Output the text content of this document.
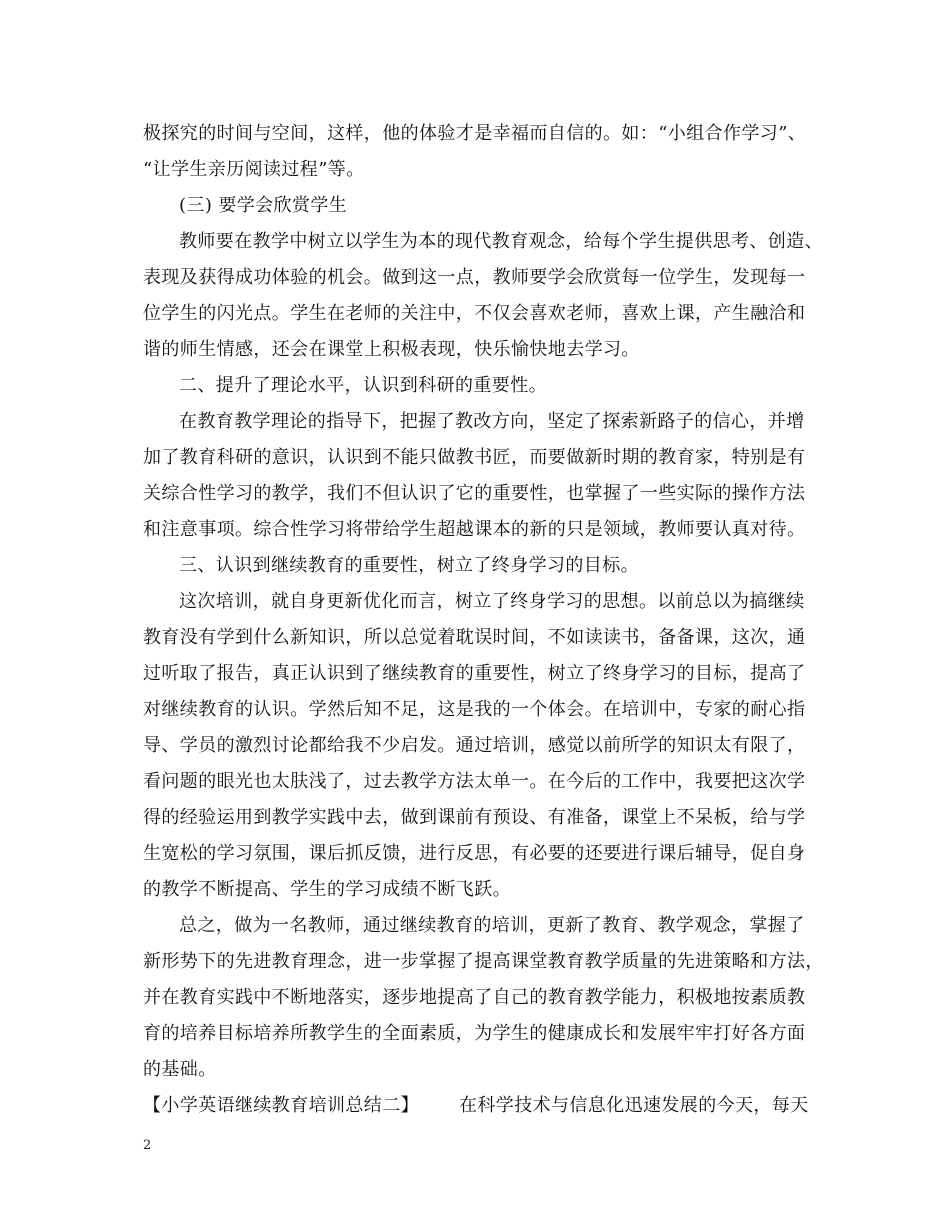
极探究的时间与空间，这样，他的体验才是幸福而自信的。如：“小组合作学习”、
“让学生亲历阅读过程”等。
(三) 要学会欣赏学生
教师要在教学中树立以学生为本的现代教育观念，给每个学生提供思考、创造、
表现及获得成功体验的机会。做到这一点，教师要学会欣赏每一位学生，发现每一
位学生的闪光点。学生在老师的关注中，不仅会喜欢老师，喜欢上课，产生融洽和
谐的师生情感，还会在课堂上积极表现，快乐愉快地去学习。
二、提升了理论水平，认识到科研的重要性。
在教育教学理论的指导下，把握了教改方向，坚定了探索新路子的信心，并增
加了教育科研的意识，认识到不能只做教书匠，而要做新时期的教育家，特别是有
关综合性学习的教学，我们不但认识了它的重要性，也掌握了一些实际的操作方法
和注意事项。综合性学习将带给学生超越课本的新的只是领域，教师要认真对待。
三、认识到继续教育的重要性，树立了终身学习的目标。
这次培训，就自身更新优化而言，树立了终身学习的思想。以前总以为搞继续
教育没有学到什么新知识，所以总觉着耽误时间，不如读读书，备备课，这次，通
过听取了报告，真正认识到了继续教育的重要性，树立了终身学习的目标，提高了
对继续教育的认识。学然后知不足，这是我的一个体会。在培训中，专家的耐心指
导、学员的激烈讨论都给我不少启发。通过培训，感觉以前所学的知识太有限了，
看问题的眼光也太肤浅了，过去教学方法太单一。在今后的工作中，我要把这次学
得的经验运用到教学实践中去，做到课前有预设、有准备，课堂上不呆板，给与学
生宽松的学习氛围，课后抓反馈，进行反思，有必要的还要进行课后辅导，促自身
的教学不断提高、学生的学习成绩不断飞跃。
总之，做为一名教师，通过继续教育的培训，更新了教育、教学观念，掌握了
新形势下的先进教育理念，进一步掌握了提高课堂教育教学质量的先进策略和方法，
并在教育实践中不断地落实，逐步地提高了自己的教育教学能力，积极地按素质教
育的培养目标培养所教学生的全面素质，为学生的健康成长和发展牢牢打好各方面
的基础。
【小学英语继续教育培训总结二】 在科学技术与信息化迅速发展的今天，每天
2
